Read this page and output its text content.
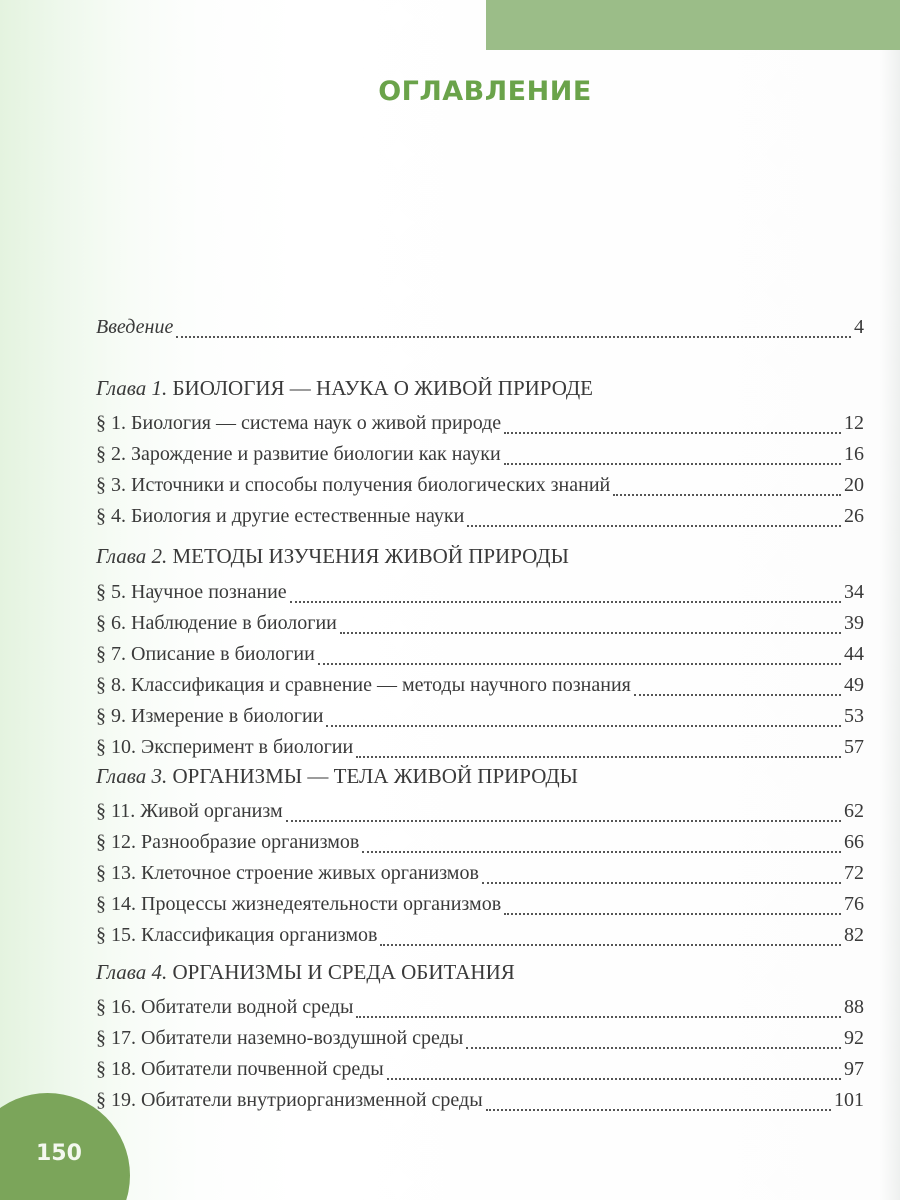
ОГЛАВЛЕНИЕ
Введение	4
Глава 1. БИОЛОГИЯ — НАУКА О ЖИВОЙ ПРИРОДЕ
§ 1. Биология — система наук о живой природе	12
§ 2. Зарождение и развитие биологии как науки	16
§ 3. Источники и способы получения биологических знаний	20
§ 4. Биология и другие естественные науки	26
Глава 2. МЕТОДЫ ИЗУЧЕНИЯ ЖИВОЙ ПРИРОДЫ
§ 5. Научное познание	34
§ 6. Наблюдение в биологии	39
§ 7. Описание в биологии	44
§ 8. Классификация и сравнение — методы научного познания	49
§ 9. Измерение в биологии	53
§ 10. Эксперимент в биологии	57
Глава 3. ОРГАНИЗМЫ — ТЕЛА ЖИВОЙ ПРИРОДЫ
§ 11. Живой организм	62
§ 12. Разнообразие организмов	66
§ 13. Клеточное строение живых организмов	72
§ 14. Процессы жизнедеятельности организмов	76
§ 15. Классификация организмов	82
Глава 4. ОРГАНИЗМЫ И СРЕДА ОБИТАНИЯ
§ 16. Обитатели водной среды	88
§ 17. Обитатели наземно-воздушной среды	92
§ 18. Обитатели почвенной среды	97
§ 19. Обитатели внутриорганизменной среды	101
150
